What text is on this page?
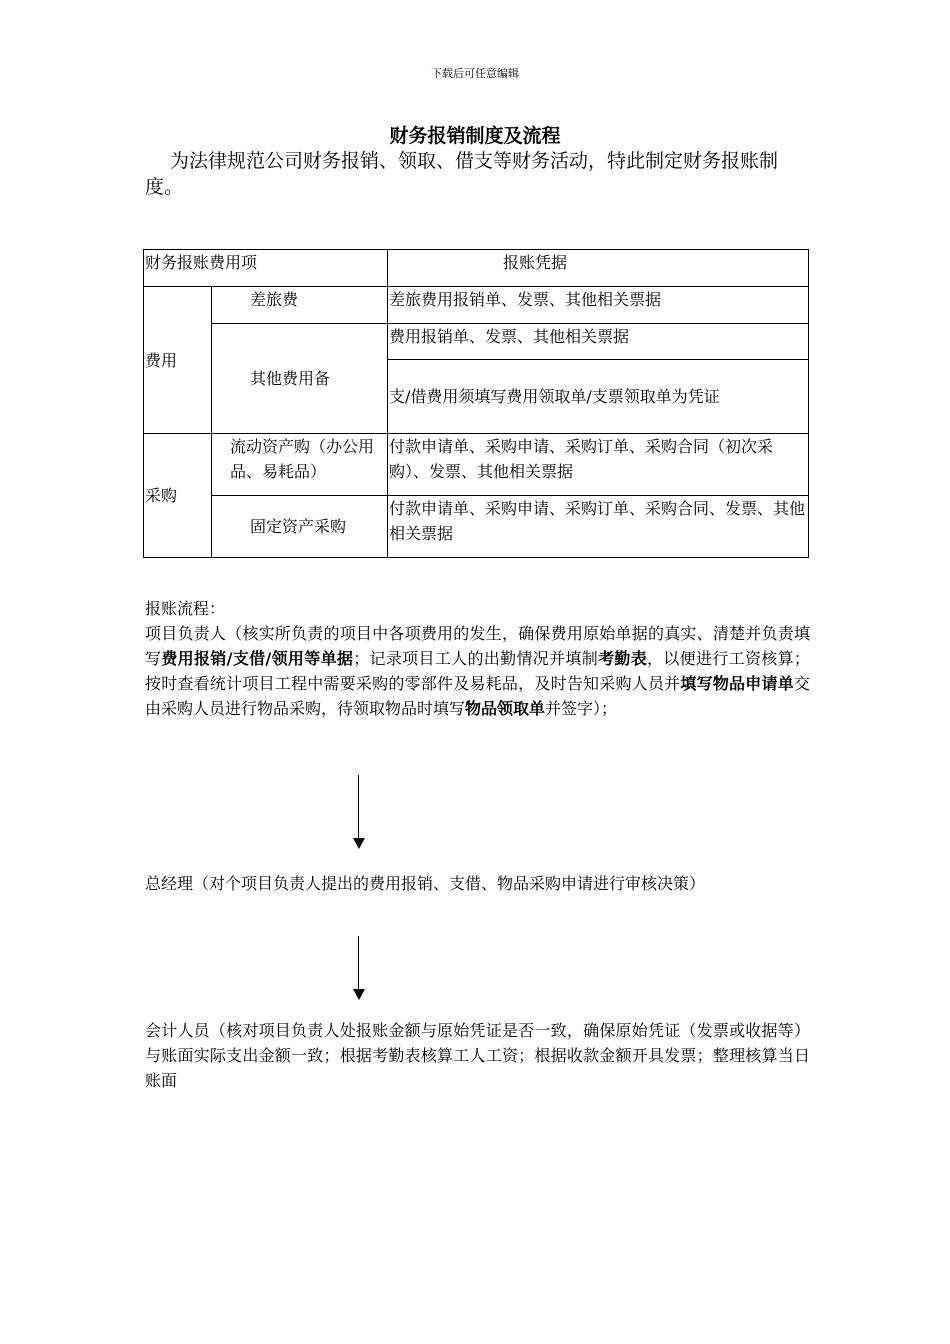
下载后可任意编辑
财务报销制度及流程
为法律规范公司财务报销、领取、借支等财务活动，特此制定财务报账制度。
财务报账费用项		报账凭据
费用	差旅费	差旅费用报销单、发票、其他相关票据
	其他费用备	费用报销单、发票、其他相关票据
		支/借费用须填写费用领取单/支票领取单为凭证
采购	流动资产购（办公用品、易耗品）	付款申请单、采购申请、采购订单、采购合同（初次采购）、发票、其他相关票据
	固定资产采购	付款申请单、采购申请、采购订单、采购合同、发票、其他相关票据
报账流程：
项目负责人（核实所负责的项目中各项费用的发生，确保费用原始单据的真实、清楚并负责填写费用报销/支借/领用等单据；记录项目工人的出勤情况并填制考勤表，以便进行工资核算；按时查看统计项目工程中需要采购的零部件及易耗品，及时告知采购人员并填写物品申请单交由采购人员进行物品采购，待领取物品时填写物品领取单并签字）；
总经理（对个项目负责人提出的费用报销、支借、物品采购申请进行审核决策）
会计人员（核对项目负责人处报账金额与原始凭证是否一致，确保原始凭证（发票或收据等）与账面实际支出金额一致；根据考勤表核算工人工资；根据收款金额开具发票；整理核算当日账面
